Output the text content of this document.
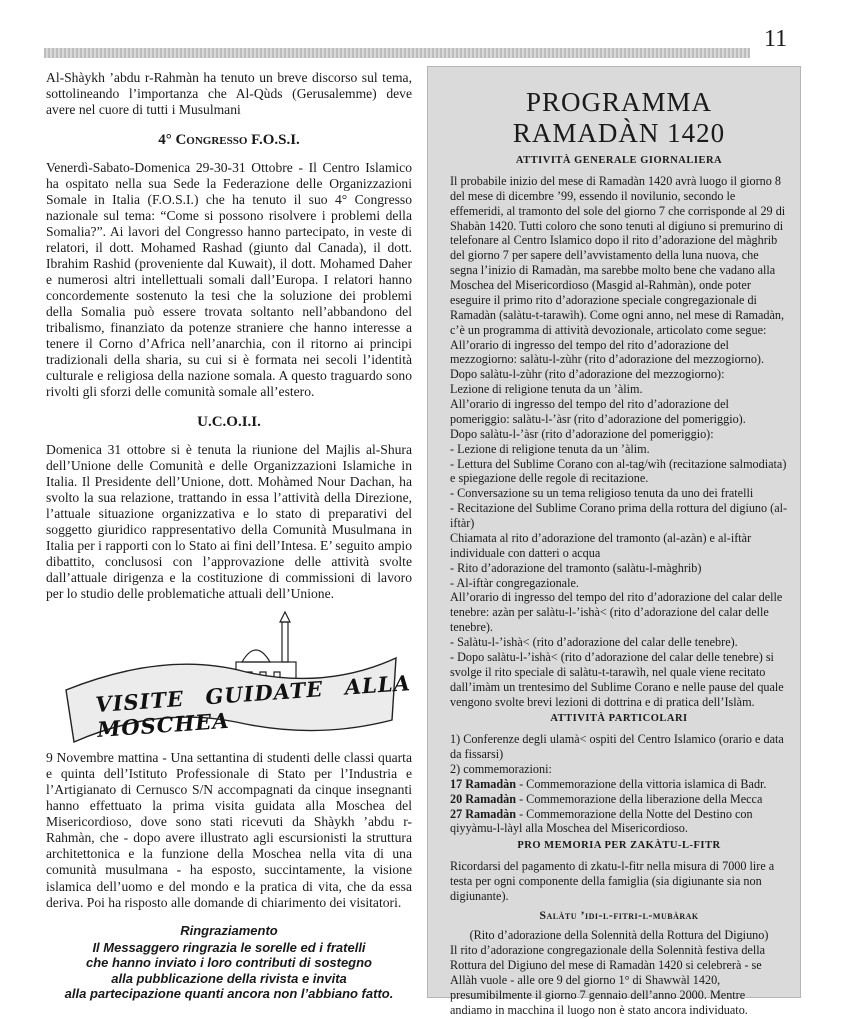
11

Al-Shàykh ’abdu r-Rahmàn ha tenuto un breve discorso sul tema, sottolineando l’importanza che Al-Qùds (Gerusalemme) deve avere nel cuore di tutti i Musulmani

4° Congresso F.O.S.I.

Venerdì-Sabato-Domenica 29-30-31 Ottobre - Il Centro Islamico ha ospitato nella sua Sede la Federazione delle Organizzazioni Somale in Italia (F.O.S.I.) che ha tenuto il suo 4° Congresso nazionale sul tema: “Come si possono risolvere i problemi della Somalia?”. Ai lavori del Congresso hanno partecipato, in veste di relatori, il dott. Mohamed Rashad (giunto dal Canada), il dott. Ibrahim Rashid (proveniente dal Kuwait), il dott. Mohamed Daher e numerosi altri intellettuali somali dall’Europa. I relatori hanno concordemente sostenuto la tesi che la soluzione dei problemi della Somalia può essere trovata soltanto nell’abbandono del tribalismo, finanziato da potenze straniere che hanno interesse a tenere il Corno d’Africa nell’anarchia, con il ritorno ai principi tradizionali della sharia, su cui si è formata nei secoli l’identità culturale e religiosa della nazione somala. A questo traguardo sono rivolti gli sforzi delle comunità somale all’estero.

U.C.O.I.I.

Domenica 31 ottobre si è tenuta la riunione del Majlis al-Shura dell’Unione delle Comunità e delle Organizzazioni Islamiche in Italia. Il Presidente dell’Unione, dott. Mohàmed Nour Dachan, ha svolto la sua relazione, trattando in essa l’attività della Direzione, l’attuale situazione organizzativa e lo stato di preparativi del soggetto giuridico rappresentativo della Comunità Musulmana in Italia per i rapporti con lo Stato ai fini dell’Intesa. E’ seguito ampio dibattito, conclusosi con l’approvazione delle attività svolte dall’attuale dirigenza e la costituzione di commissioni di lavoro per lo studio delle problematiche attuali dell’Unione.

VISITE GUIDATE ALLA MOSCHEA

9 Novembre mattina - Una settantina di studenti delle classi quarta e quinta dell’Istituto Professionale di Stato per l’Industria e l’Artigianato di Cernusco S/N accompagnati da cinque insegnanti hanno effettuato la prima visita guidata alla Moschea del Misericordioso, dove sono stati ricevuti da Shàykh ’abdu r-Rahmàn, che - dopo avere illustrato agli escursionisti la struttura architettonica e la funzione della Moschea nella vita di una comunità musulmana - ha esposto, succintamente, la visione islamica dell’uomo e del mondo e la pratica di vita, che da essa deriva. Poi ha risposto alle domande di chiarimento dei visitatori.

Ringraziamento
Il Messaggero ringrazia le sorelle ed i fratelli
che hanno inviato i loro contributi di sostegno
alla pubblicazione della rivista e invita
alla partecipazione quanti ancora non l’abbiano fatto.
PROGRAMMA
RAMADÀN 1420
ATTIVITÀ GENERALE GIORNALIERA

Il probabile inizio del mese di Ramadàn 1420 avrà luogo il giorno 8 del mese di dicembre ’99, essendo il novilunio, secondo le effemeridi, al tramonto del sole del giorno 7 che corrisponde al 29 di Shabàn 1420. Tutti coloro che sono tenuti al digiuno si premurino di telefonare al Centro Islamico dopo il rito d’adorazione del màghrib del giorno 7 per sapere dell’avvistamento della luna nuova, che segna l’inizio di Ramadàn, ma sarebbe molto bene che vadano alla Moschea del Misericordioso (Masgid al-Rahmàn), onde poter eseguire il primo rito d’adorazione speciale congregazionale di Ramadàn (salàtu-t-tarawìh). Come ogni anno, nel mese di Ramadàn, c’è un programma di attività devozionale, articolato come segue:

All’orario di ingresso del tempo del rito d’adorazione del mezzogiorno: salàtu-l-zùhr (rito d’adorazione del mezzogiorno).

Dopo salàtu-l-zùhr (rito d’adorazione del mezzogiorno):

Lezione di religione tenuta da un ’àlim.

All’orario di ingresso del tempo del rito d’adorazione del pomeriggio: salàtu-l-’àsr (rito d’adorazione del pomeriggio).

Dopo salàtu-l-’àsr (rito d’adorazione del pomeriggio):

- Lezione di religione tenuta da un ’àlim.

- Lettura del Sublime Corano con al-tag/wìh (recitazione salmodiata) e spiegazione delle regole di recitazione.

- Conversazione su un tema religioso tenuta da uno dei fratelli

- Recitazione del Sublime Corano prima della rottura del digiuno (al-iftàr)

Chiamata al rito d’adorazione del tramonto (al-azàn) e al-iftàr individuale con datteri o acqua

- Rito d’adorazione del tramonto (salàtu-l-màghrib)

- Al-iftàr congregazionale.

All’orario di ingresso del tempo del rito d’adorazione del calar delle tenebre: azàn per salàtu-l-’ishà< (rito d’adorazione del calar delle tenebre).

- Salàtu-l-’ishà< (rito d’adorazione del calar delle tenebre).

- Dopo salàtu-l-’ishà< (rito d’adorazione del calar delle tenebre) si svolge il rito speciale di salàtu-t-tarawìh, nel quale viene recitato dall’imàm un trentesimo del Sublime Corano e nelle pause del quale vengono svolte brevi lezioni di dottrina e di pratica dell’Islàm.

ATTIVITÀ PARTICOLARI

1) Conferenze degli ulamà< ospiti del Centro Islamico (orario e data da fissarsi)

2) commemorazioni:

17 Ramadàn - Commemorazione della vittoria islamica di Badr.

20 Ramadàn - Commemorazione della liberazione della Mecca

27 Ramadàn - Commemorazione della Notte del Destino con qiyyàmu-l-làyl alla Moschea del Misericordioso.

PRO MEMORIA PER ZAKÀTU-L-FITR

Ricordarsi del pagamento di zkatu-l-fitr nella misura di 7000 lire a testa per ogni componente della famiglia (sia digiunante sia non digiunante).

Salàtu ’idi-l-fitri-l-mubàrak

(Rito d’adorazione della Solennità della Rottura del Digiuno)

Il rito d’adorazione congregazionale della Solennità festiva della Rottura del Digiuno del mese di Ramadàn 1420 si celebrerà - se Allàh vuole - alle ore 9 del giorno 1° di Shawwàl 1420, presumibilmente il giorno 7 gennaio dell’anno 2000. Mentre andiamo in macchina il luogo non è stato ancora individuato.
